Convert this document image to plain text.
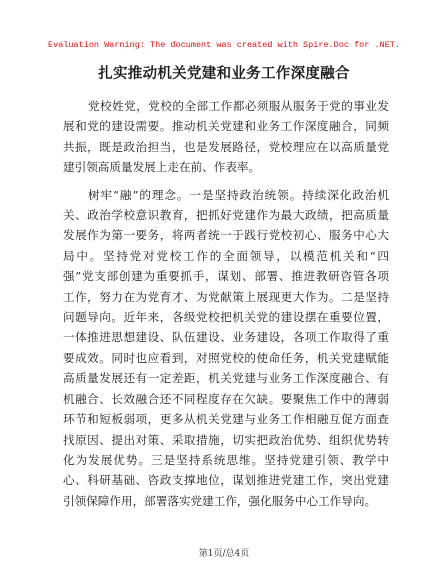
Evaluation Warning: The document was created with Spire.Doc for .NET.
扎实推动机关党建和业务工作深度融合
党校姓党，党校的全部工作都必须服从服务于党的事业发
展和党的建设需要。推动机关党建和业务工作深度融合，同频
共振，既是政治担当，也是发展路径，党校理应在以高质量党
建引领高质量发展上走在前、作表率。
树牢“融”的理念。一是坚持政治统领。持续深化政治机
关、政治学校意识教育，把抓好党建作为最大政绩，把高质量
发展作为第一要务，将两者统一于践行党校初心、服务中心大
局中。坚持党对党校工作的全面领导，以模范机关和“四
强”党支部创建为重要抓手，谋划、部署、推进教研咨管各项
工作，努力在为党育才、为党献策上展现更大作为。二是坚持
问题导向。近年来，各级党校把机关党的建设摆在重要位置，
一体推进思想建设、队伍建设、业务建设，各项工作取得了重
要成效。同时也应看到，对照党校的使命任务，机关党建赋能
高质量发展还有一定差距，机关党建与业务工作深度融合、有
机融合、长效融合还不同程度存在欠缺。要聚焦工作中的薄弱
环节和短板弱项，更多从机关党建与业务工作相融互促方面查
找原因、提出对策、采取措施，切实把政治优势、组织优势转
化为发展优势。三是坚持系统思维。坚持党建引领、教学中
心、科研基础、咨政支撑地位，谋划推进党建工作，突出党建
引领保障作用，部署落实党建工作，强化服务中心工作导向。
第1页/总4页
